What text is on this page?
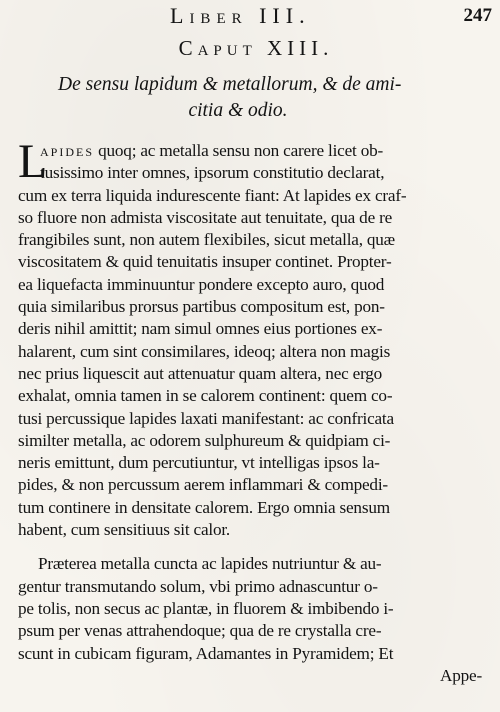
Liber III.	247
Caput XIII.
De sensu lapidum & metallorum, & de ami-
citia & odio.
L
apides quoq; ac metalla sensu non carere licet ob-
tusissimo inter omnes, ipsorum constitutio declarat,
cum ex terra liquida indurescente fiant: At lapides ex craf-
so fluore non admista viscositate aut tenuitate, qua de re
frangibiles sunt, non autem flexibiles, sicut metalla, quæ
viscositatem & quid tenuitatis insuper continet. Propter-
ea liquefacta imminuuntur pondere excepto auro, quod
quia similaribus prorsus partibus compositum est, pon-
deris nihil amittit; nam simul omnes eius portiones ex-
halarent, cum sint consimilares, ideoq; altera non magis
nec prius liquescit aut attenuatur quam altera, nec ergo
exhalat, omnia tamen in se calorem continent: quem co-
tusi percussique lapides laxati manifestant: ac confricata
similter metalla, ac odorem sulphureum & quidpiam ci-
neris emittunt, dum percutiuntur, vt intelligas ipsos la-
pides, & non percussum aerem inflammari & compedi-
tum continere in densitate calorem. Ergo omnia sensum
habent, cum sensitiuus sit calor.
Præterea metalla cuncta ac lapides nutriuntur & au-
gentur transmutando solum, vbi primo adnascuntur o-
pe tolis, non secus ac plantæ, in fluorem & imbibendo i-
psum per venas attrahendoque; qua de re crystalla cre-
scunt in cubicam figuram, Adamantes in Pyramidem; Et
Appe-
